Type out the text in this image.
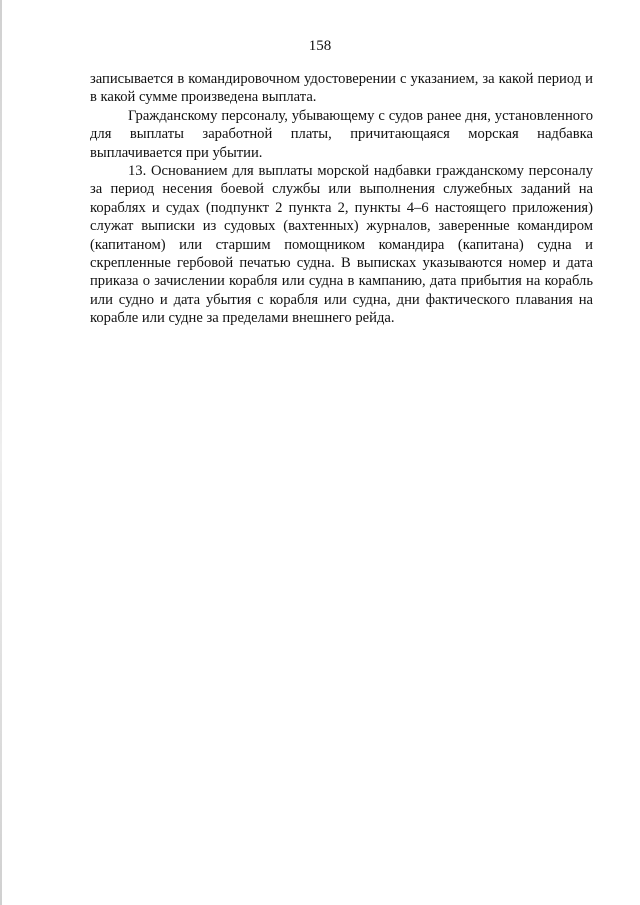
158

записывается в командировочном удостоверении с указанием, за какой период и в какой сумме произведена выплата.

Гражданскому персоналу, убывающему с судов ранее дня, установленного для выплаты заработной платы, причитающаяся морская надбавка выплачивается при убытии.

13. Основанием для выплаты морской надбавки гражданскому персоналу за период несения боевой службы или выполнения служебных заданий на кораблях и судах (подпункт 2 пункта 2, пункты 4–6 настоящего приложения) служат выписки из судовых (вахтенных) журналов, заверенные командиром (капитаном) или старшим помощником командира (капитана) судна и скрепленные гербовой печатью судна. В выписках указываются номер и дата приказа о зачислении корабля или судна в кампанию, дата прибытия на корабль или судно и дата убытия с корабля или судна, дни фактического плавания на корабле или судне за пределами внешнего рейда.
